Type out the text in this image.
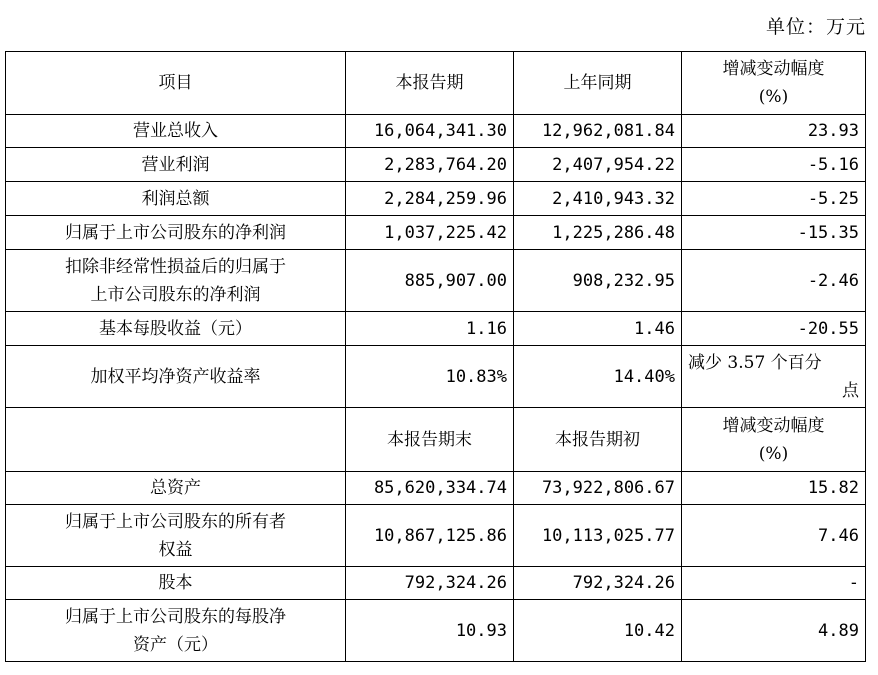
单位：万元
项目	本报告期	上年同期	增减变动幅度
(%)

营业总收入	16,064,341.30	12,962,081.84	23.93
营业利润	2,283,764.20	2,407,954.22	-5.16
利润总额	2,284,259.96	2,410,943.32	-5.25
归属于上市公司股东的净利润	1,037,225.42	1,225,286.48	-15.35

扣除非经常性损益后的归属于
上市公司股东的净利润	885,907.00	908,232.95	-2.46
基本每股收益（元）	1.16	1.46	-20.55
加权平均净资产收益率	10.83%	14.40%	减少 3.57 个百分
点

	本报告期末	本报告期初	增减变动幅度
(%)

总资产	85,620,334.74	73,922,806.67	15.82

归属于上市公司股东的所有者
权益	10,867,125.86	10,113,025.77	7.46
股本	792,324.26	792,324.26	-

归属于上市公司股东的每股净
资产（元）	10.93	10.42	4.89
